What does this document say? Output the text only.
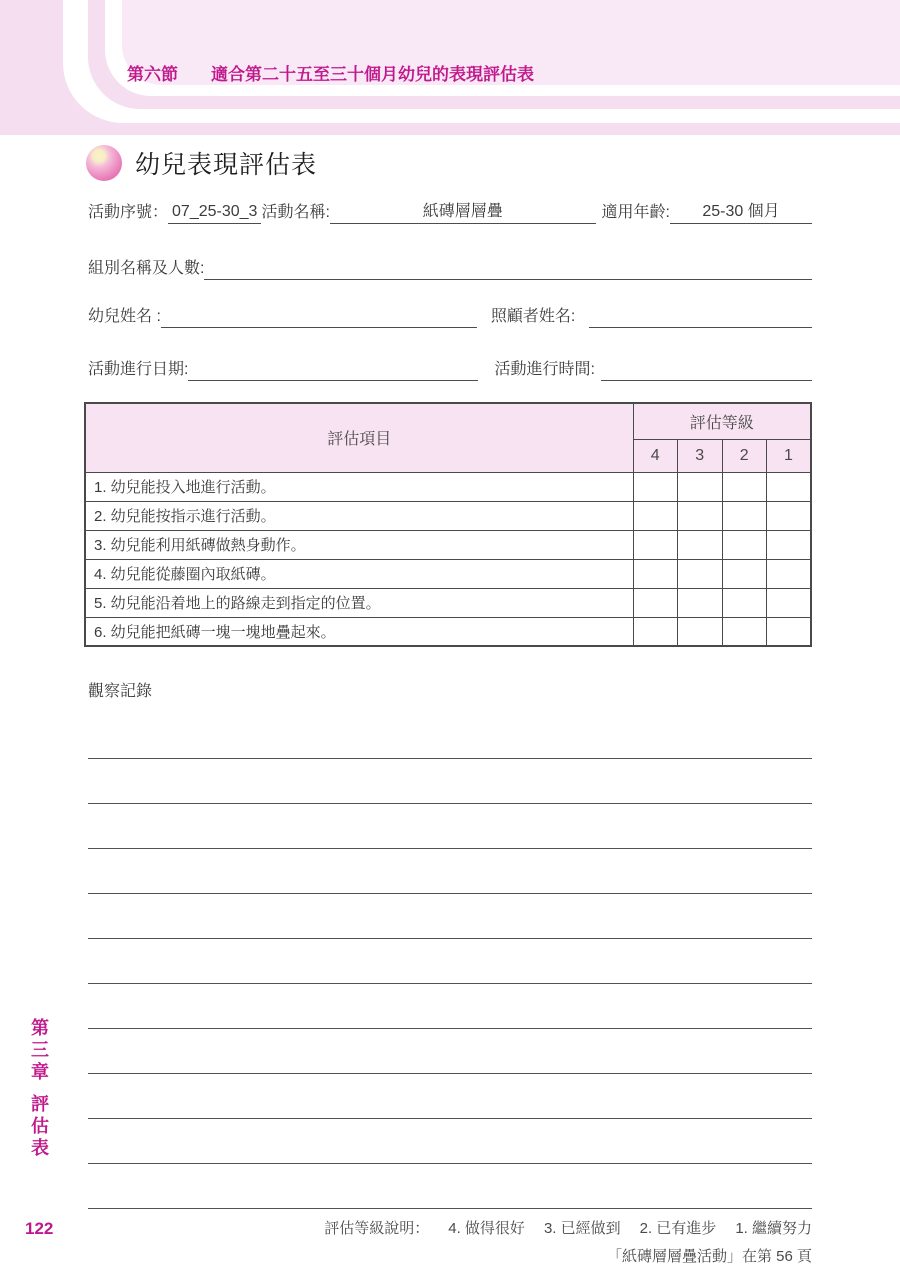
第六節 適合第二十五至三十個月幼兒的表現評估表
幼兒表現評估表
活動序號： 07_25-30_3 活動名稱:	紙磚層層疊	適用年齡:	25-30 個月
組別名稱及人數:
幼兒姓名 :	照顧者姓名:
活動進行日期:	活動進行時間:
評估項目	評估等級			
	4	3	2	1
1. 幼兒能投入地進行活動。				
2. 幼兒能按指示進行活動。				
3. 幼兒能利用紙磚做熱身動作。				
4. 幼兒能從藤圈內取紙磚。				
5. 幼兒能沿着地上的路線走到指定的位置。				
6. 幼兒能把紙磚一塊一塊地疊起來。				
觀察記錄
評估等級說明： 4. 做得很好 3. 已經做到 2. 已有進步 1. 繼續努力
「紙磚層層疊活動」在第 56 頁
第三章評估表
122
